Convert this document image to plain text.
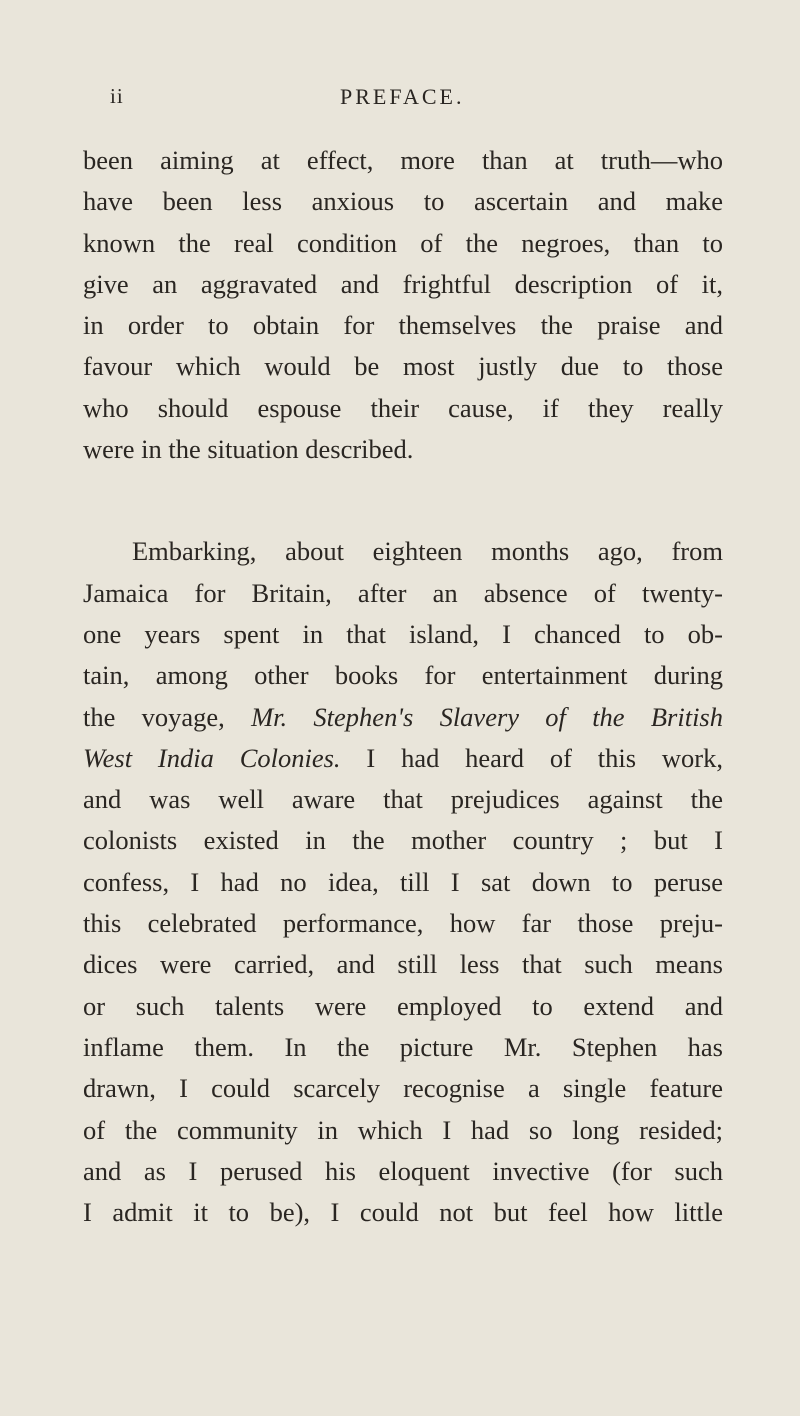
ii	PREFACE.
been aiming at effect, more than at truth—who
have been less anxious to ascertain and make
known the real condition of the negroes, than to
give an aggravated and frightful description of it,
in order to obtain for themselves the praise and
favour which would be most justly due to those
who should espouse their cause, if they really
were in the situation described.
Embarking, about eighteen months ago, from
Jamaica for Britain, after an absence of twenty-
one years spent in that island, I chanced to ob-
tain, among other books for entertainment during
the voyage, Mr. Stephen's Slavery of the British
West India Colonies. I had heard of this work,
and was well aware that prejudices against the
colonists existed in the mother country ; but I
confess, I had no idea, till I sat down to peruse
this celebrated performance, how far those preju-
dices were carried, and still less that such means
or such talents were employed to extend and
inflame them. In the picture Mr. Stephen has
drawn, I could scarcely recognise a single feature
of the community in which I had so long resided;
and as I perused his eloquent invective (for such
I admit it to be), I could not but feel how little
